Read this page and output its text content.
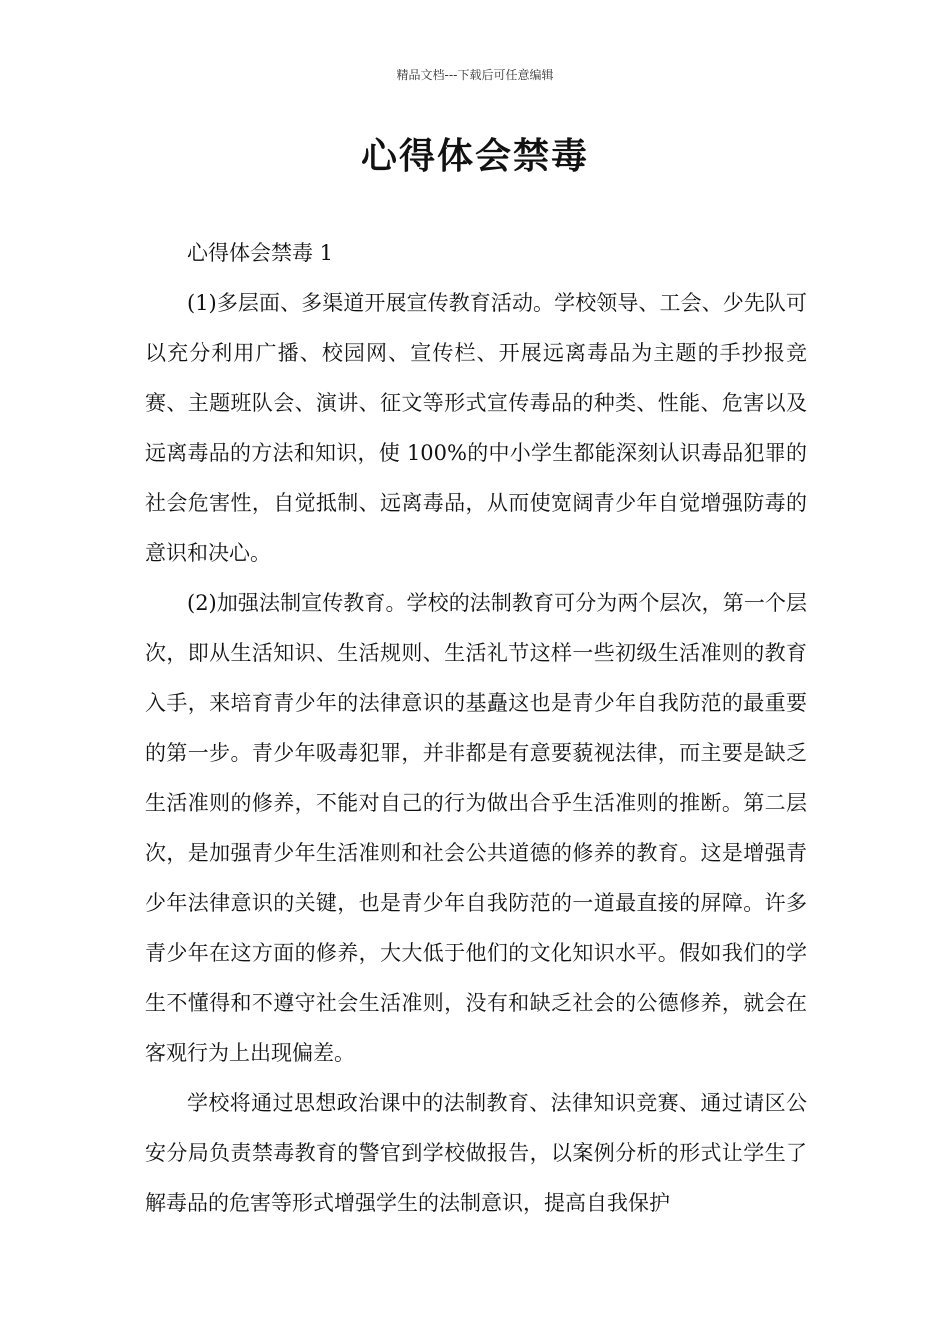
精品文档---下载后可任意编辑
心得体会禁毒

心得体会禁毒 1

(1)多层面、多渠道开展宣传教育活动。学校领导、工会、少先队可以充分利用广播、校园网、宣传栏、开展远离毒品为主题的手抄报竞赛、主题班队会、演讲、征文等形式宣传毒品的种类、性能、危害以及远离毒品的方法和知识，使 100%的中小学生都能深刻认识毒品犯罪的社会危害性，自觉抵制、远离毒品，从而使宽阔青少年自觉增强防毒的意识和决心。

(2)加强法制宣传教育。学校的法制教育可分为两个层次，第一个层次，即从生活知识、生活规则、生活礼节这样一些初级生活准则的教育入手，来培育青少年的法律意识的基矗这也是青少年自我防范的最重要的第一步。青少年吸毒犯罪，并非都是有意要藐视法律，而主要是缺乏生活准则的修养，不能对自己的行为做出合乎生活准则的推断。第二层次，是加强青少年生活准则和社会公共道德的修养的教育。这是增强青少年法律意识的关键，也是青少年自我防范的一道最直接的屏障。许多青少年在这方面的修养，大大低于他们的文化知识水平。假如我们的学生不懂得和不遵守社会生活准则，没有和缺乏社会的公德修养，就会在客观行为上出现偏差。

学校将通过思想政治课中的法制教育、法律知识竞赛、通过请区公安分局负责禁毒教育的警官到学校做报告，以案例分析的形式让学生了解毒品的危害等形式增强学生的法制意识，提高自我保护
